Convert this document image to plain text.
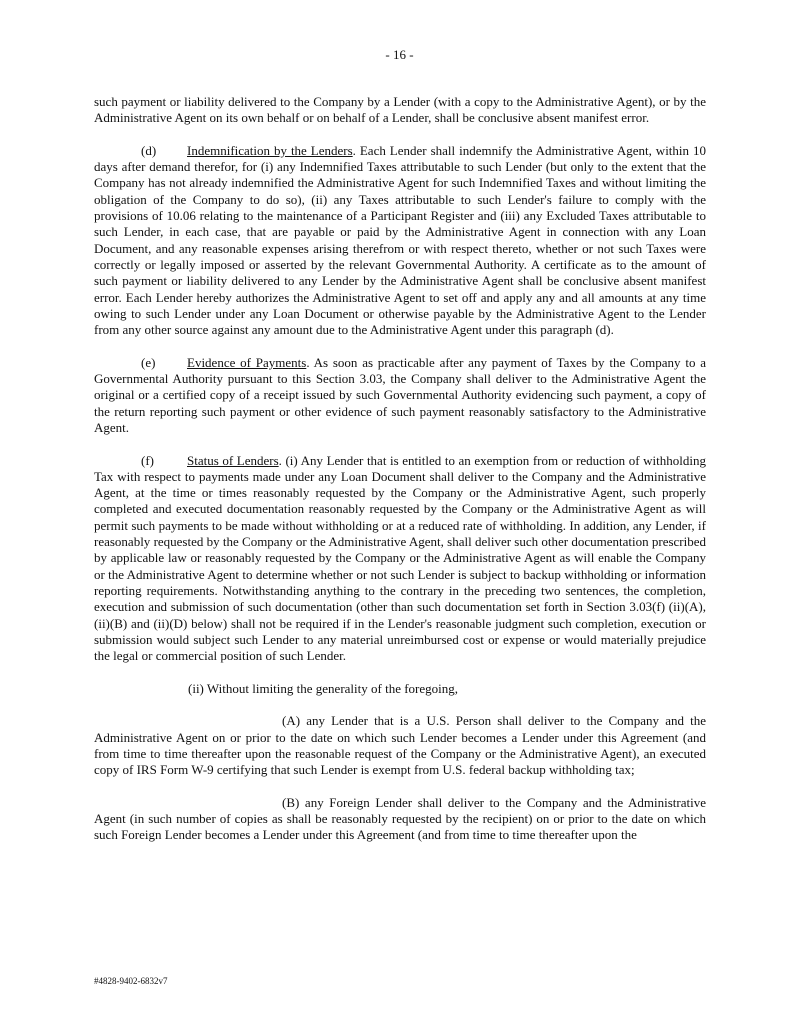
- 16 -

such payment or liability delivered to the Company by a Lender (with a copy to the Administrative Agent), or by the Administrative Agent on its own behalf or on behalf of a Lender, shall be conclusive absent manifest error.

(d) Indemnification by the Lenders. Each Lender shall indemnify the Administrative Agent, within 10 days after demand therefor, for (i) any Indemnified Taxes attributable to such Lender (but only to the extent that the Company has not already indemnified the Administrative Agent for such Indemnified Taxes and without limiting the obligation of the Company to do so), (ii) any Taxes attributable to such Lender's failure to comply with the provisions of 10.06 relating to the maintenance of a Participant Register and (iii) any Excluded Taxes attributable to such Lender, in each case, that are payable or paid by the Administrative Agent in connection with any Loan Document, and any reasonable expenses arising therefrom or with respect thereto, whether or not such Taxes were correctly or legally imposed or asserted by the relevant Governmental Authority. A certificate as to the amount of such payment or liability delivered to any Lender by the Administrative Agent shall be conclusive absent manifest error. Each Lender hereby authorizes the Administrative Agent to set off and apply any and all amounts at any time owing to such Lender under any Loan Document or otherwise payable by the Administrative Agent to the Lender from any other source against any amount due to the Administrative Agent under this paragraph (d).

(e) Evidence of Payments. As soon as practicable after any payment of Taxes by the Company to a Governmental Authority pursuant to this Section 3.03, the Company shall deliver to the Administrative Agent the original or a certified copy of a receipt issued by such Governmental Authority evidencing such payment, a copy of the return reporting such payment or other evidence of such payment reasonably satisfactory to the Administrative Agent.

(f)	Status of Lenders. (i) Any Lender that is entitled to an exemption from or reduction of withholding Tax with respect to payments made under any Loan Document shall deliver to the Company and the Administrative Agent, at the time or times reasonably requested by the Company or the Administrative Agent, such properly completed and executed documentation reasonably requested by the Company or the Administrative Agent as will permit such payments to be made without withholding or at a reduced rate of withholding. In addition, any Lender, if reasonably requested by the Company or the Administrative Agent, shall deliver such other documentation prescribed by applicable law or reasonably requested by the Company or the Administrative Agent as will enable the Company or the Administrative Agent to determine whether or not such Lender is subject to backup withholding or information reporting requirements. Notwithstanding anything to the contrary in the preceding two sentences, the completion, execution and submission of such documentation (other than such documentation set forth in Section 3.03(f) (ii)(A), (ii)(B) and (ii)(D) below) shall not be required if in the Lender's reasonable judgment such completion, execution or submission would subject such Lender to any material unreimbursed cost or expense or would materially prejudice the legal or commercial position of such Lender.

(ii) Without limiting the generality of the foregoing,

(A) any Lender that is a U.S. Person shall deliver to the Company and the Administrative Agent on or prior to the date on which such Lender becomes a Lender under this Agreement (and from time to time thereafter upon the reasonable request of the Company or the Administrative Agent), an executed copy of IRS Form W-9 certifying that such Lender is exempt from U.S. federal backup withholding tax;

(B) any Foreign Lender shall deliver to the Company and the Administrative Agent (in such number of copies as shall be reasonably requested by the recipient) on or prior to the date on which such Foreign Lender becomes a Lender under this Agreement (and from time to time thereafter upon the

#4828-9402-6832v7
